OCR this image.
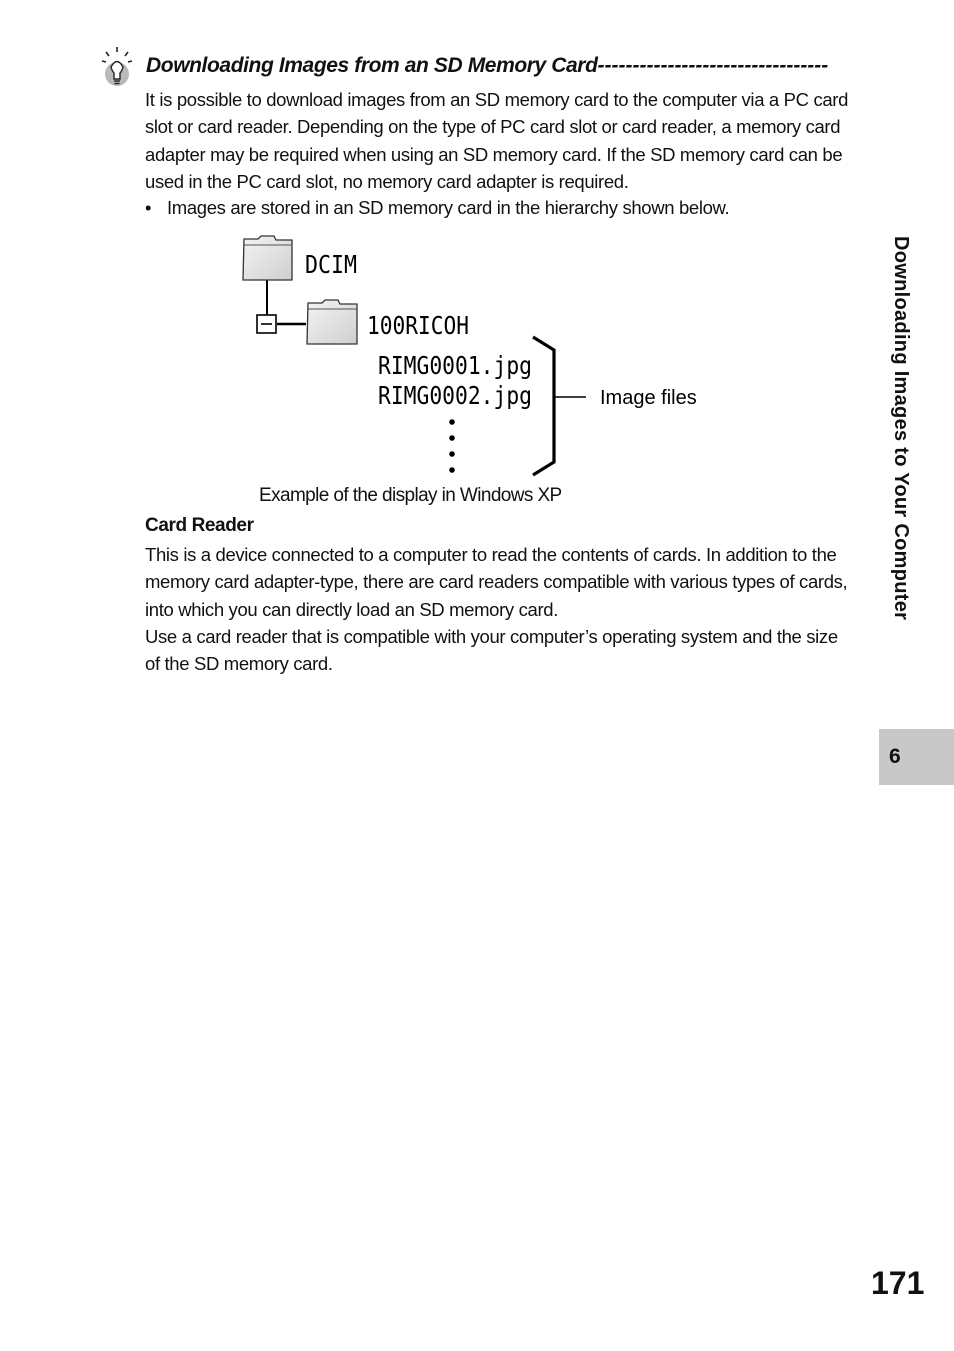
Downloading Images from an SD Memory Card---------------------------------
It is possible to download images from an SD memory card to the computer via a PC card slot or card reader. Depending on the type of PC card slot or card reader, a memory card adapter may be required when using an SD memory card. If the SD memory card can be used in the PC card slot, no memory card adapter is required.
• Images are stored in an SD memory card in the hierarchy shown below.
DCIM
100RICOH
RIMG0001.jpg
RIMG0002.jpg	Image files
Example of the display in Windows XP
Card Reader
This is a device connected to a computer to read the contents of cards. In addition to the memory card adapter-type, there are card readers compatible with various types of cards, into which you can directly load an SD memory card.
Use a card reader that is compatible with your computer’s operating system and the size of the SD memory card.
Downloading Images to Your Computer
6
171
